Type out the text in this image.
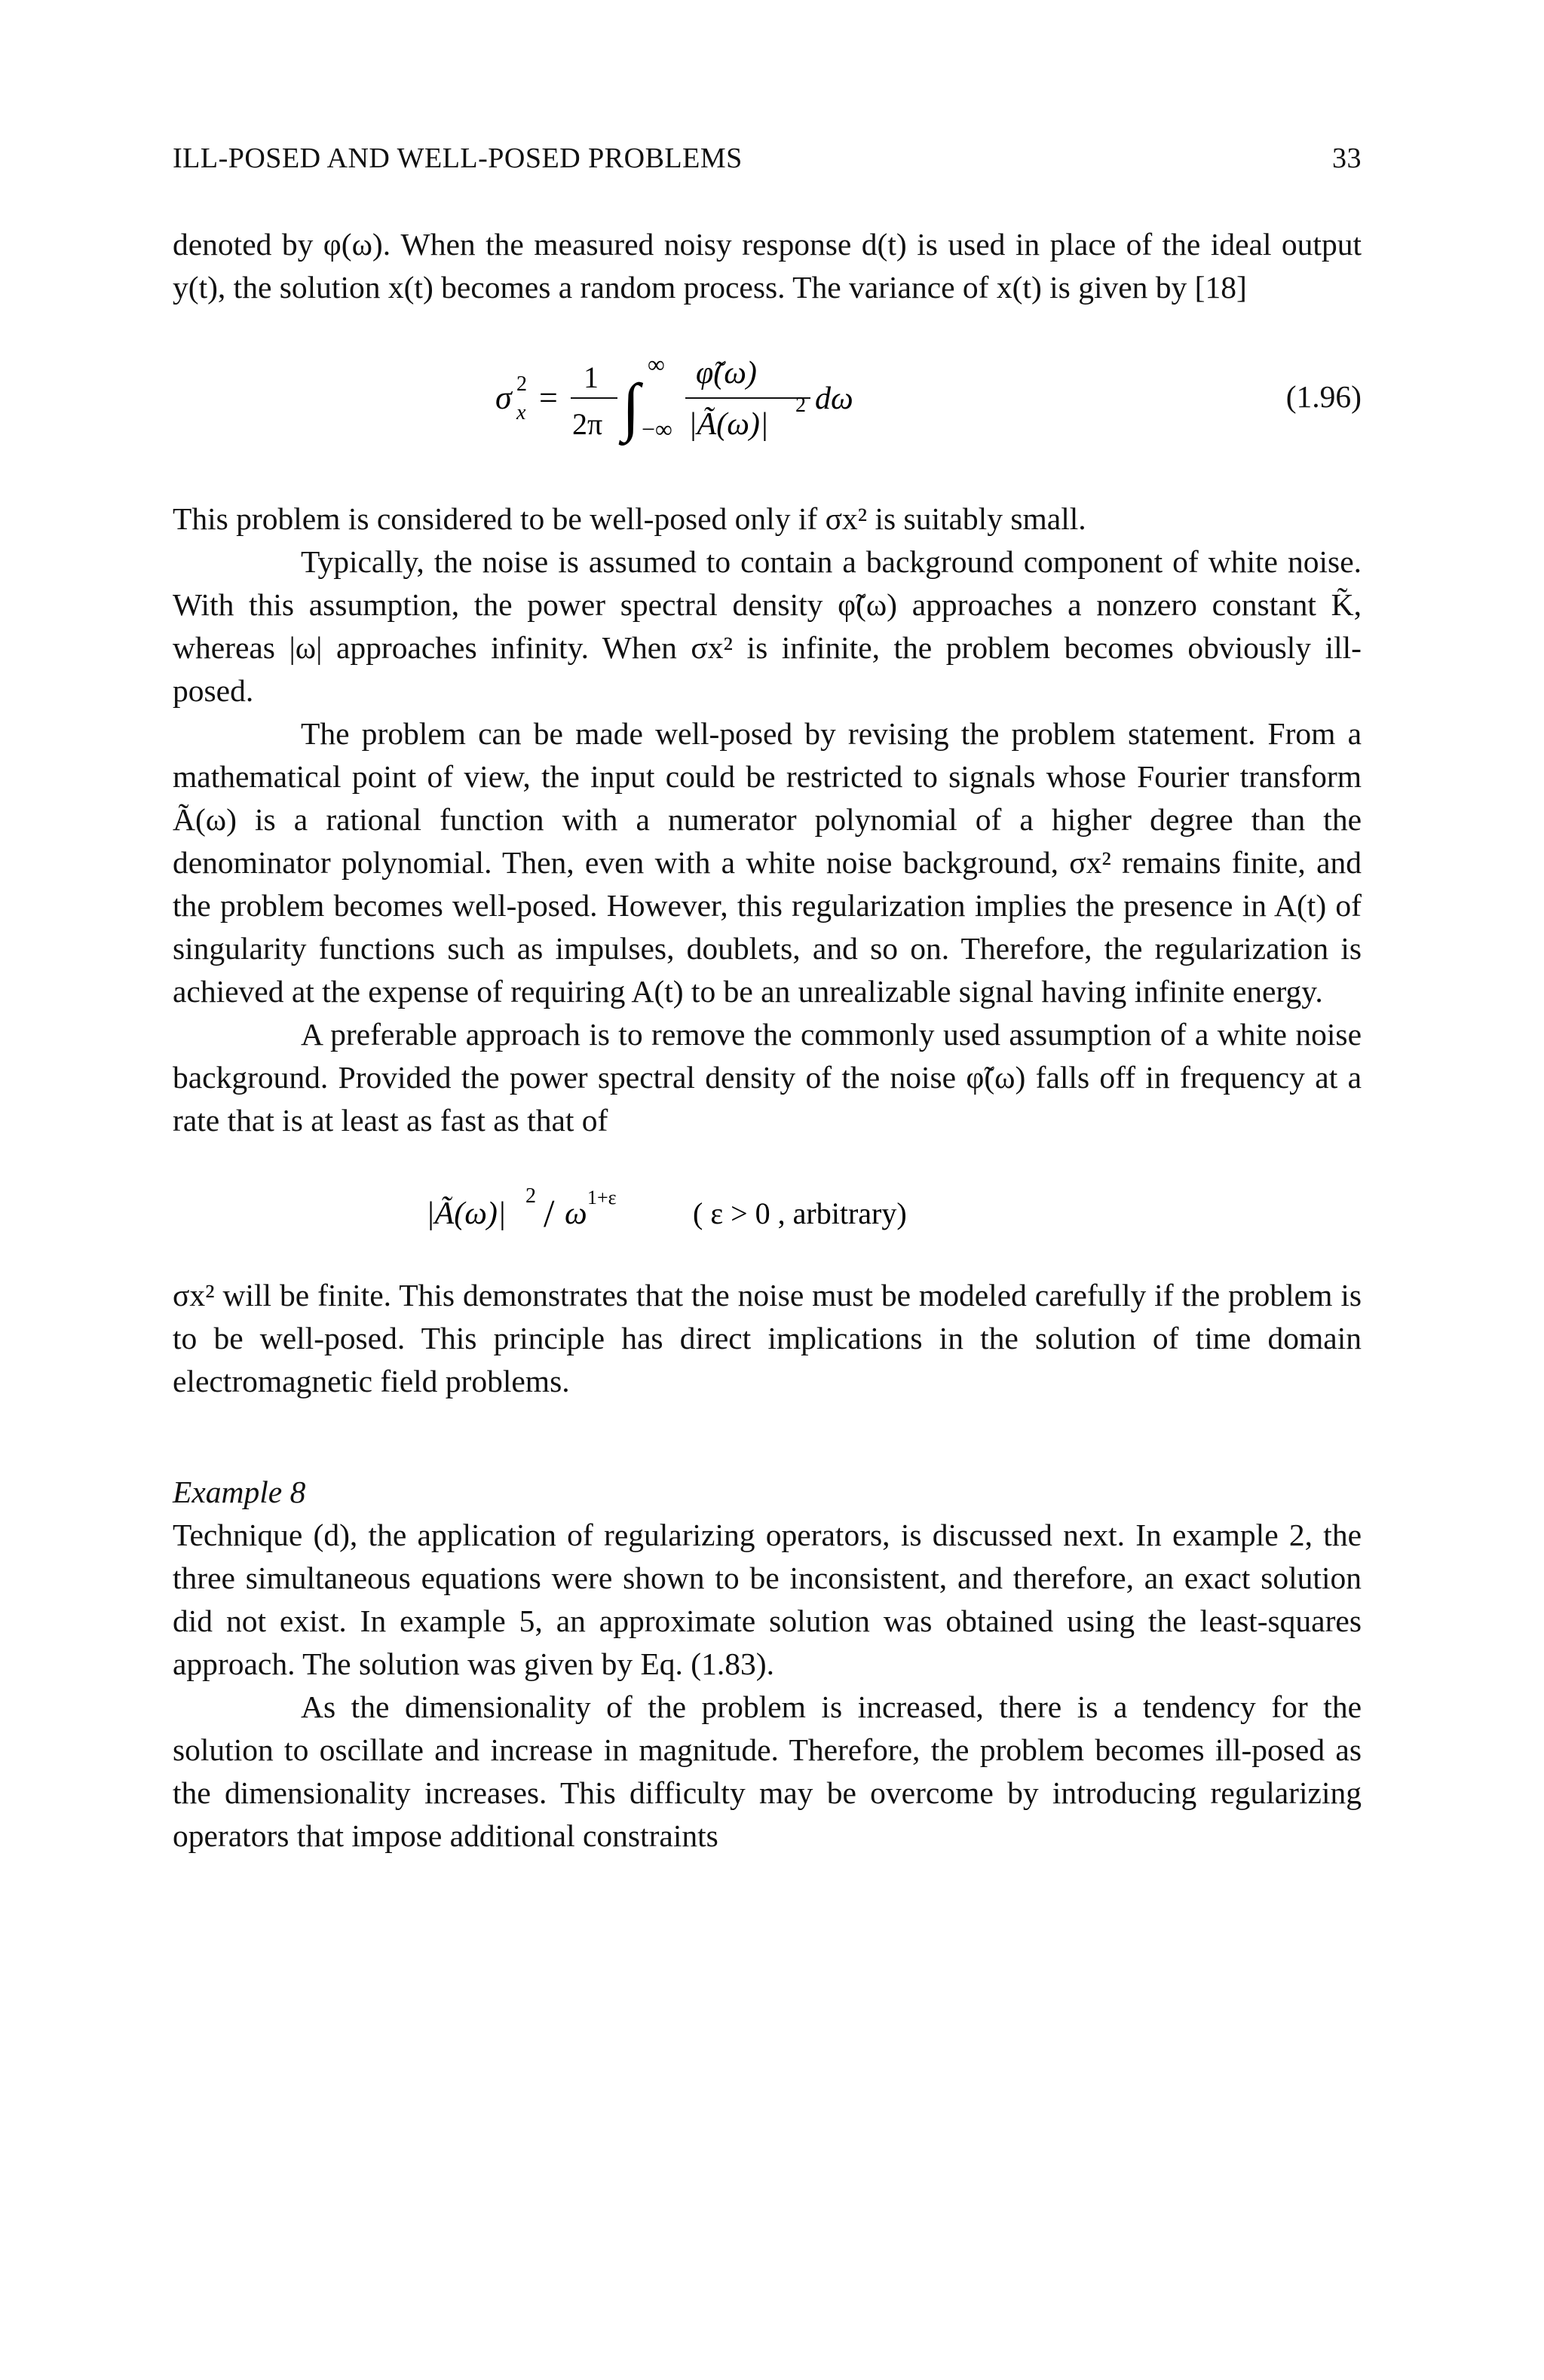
ILL-POSED AND WELL-POSED PROBLEMS	33

denoted by φ(ω). When the measured noisy response d(t) is used in place of the ideal output y(t), the solution x(t) becomes a random process. The variance of x(t) is given by [18]

σ 2
x =
1
2π ∫
∞
−∞
φ̃(ω)
|Ã(ω)|
2 dω	(1.96)

This problem is considered to be well-posed only if σx² is suitably small.

Typically, the noise is assumed to contain a background component of white noise. With this assumption, the power spectral density φ̃(ω) approaches a nonzero constant K̃, whereas |ω| approaches infinity. When σx² is infinite, the problem becomes obviously ill-posed.

The problem can be made well-posed by revising the problem statement. From a mathematical point of view, the input could be restricted to signals whose Fourier transform Ã(ω) is a rational function with a numerator polynomial of a higher degree than the denominator polynomial. Then, even with a white noise background, σx² remains finite, and the problem becomes well-posed. However, this regularization implies the presence in A(t) of singularity functions such as impulses, doublets, and so on. Therefore, the regularization is achieved at the expense of requiring A(t) to be an unrealizable signal having infinite energy.

A preferable approach is to remove the commonly used assumption of a white noise background. Provided the power spectral density of the noise φ̃(ω) falls off in frequency at a rate that is at least as fast as that of

|Ã(ω)|
2 / ω 1+ε	( ε > 0 , arbitrary)

σx² will be finite. This demonstrates that the noise must be modeled carefully if the problem is to be well-posed. This principle has direct implications in the solution of time domain electromagnetic field problems.

Example 8

Technique (d), the application of regularizing operators, is discussed next. In example 2, the three simultaneous equations were shown to be inconsistent, and therefore, an exact solution did not exist. In example 5, an approximate solution was obtained using the least-squares approach. The solution was given by Eq. (1.83).

As the dimensionality of the problem is increased, there is a tendency for the solution to oscillate and increase in magnitude. Therefore, the problem becomes ill-posed as the dimensionality increases. This difficulty may be overcome by introducing regularizing operators that impose additional constraints
